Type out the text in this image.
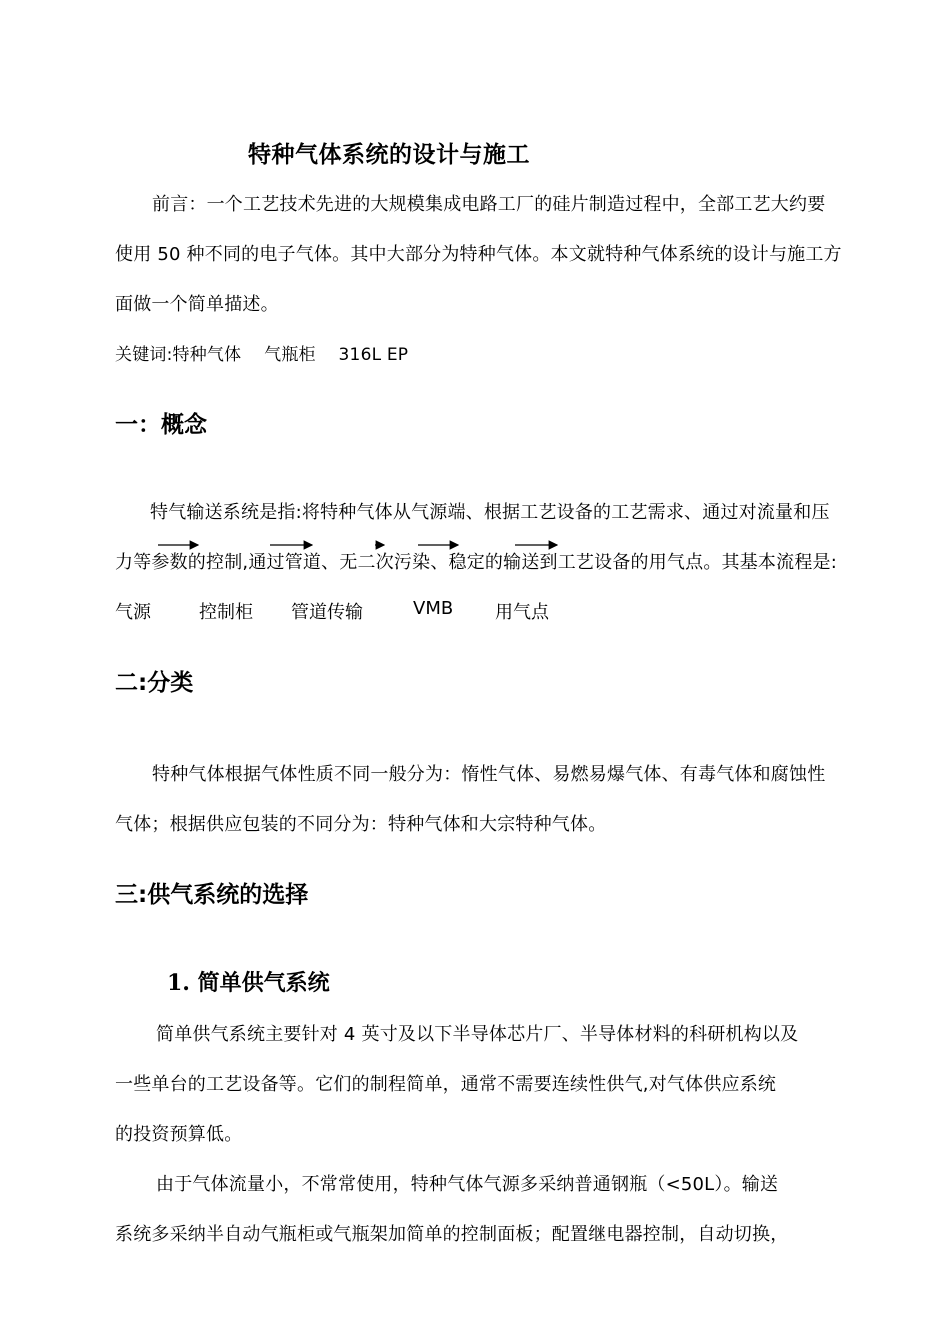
特种气体系统的设计与施工
前言：一个工艺技术先进的大规模集成电路工厂的硅片制造过程中，全部工艺大约要
使用 50 种不同的电子气体。其中大部分为特种气体。本文就特种气体系统的设计与施工方
面做一个简单描述。
关键词:特种气体　 气瓶柜　 316L EP
一：概念
特气输送系统是指:将特种气体从气源端、根据工艺设备的工艺需求、通过对流量和压
力等参数的控制,通过管道、无二次污染、稳定的输送到工艺设备的用气点。其基本流程是:
气源	控制柜 管道传输	VMB 用气点
二:分类
特种气体根据气体性质不同一般分为：惰性气体、易燃易爆气体、有毒气体和腐蚀性
气体；根据供应包装的不同分为：特种气体和大宗特种气体。
三:供气系统的选择
1. 简单供气系统
简单供气系统主要针对 4 英寸及以下半导体芯片厂、半导体材料的科研机构以及
一些单台的工艺设备等。它们的制程简单，通常不需要连续性供气,对气体供应系统
的投资预算低。
由于气体流量小，不常常使用，特种气体气源多采纳普通钢瓶（<50L）。输送
系统多采纳半自动气瓶柜或气瓶架加简单的控制面板；配置继电器控制，自动切换，
